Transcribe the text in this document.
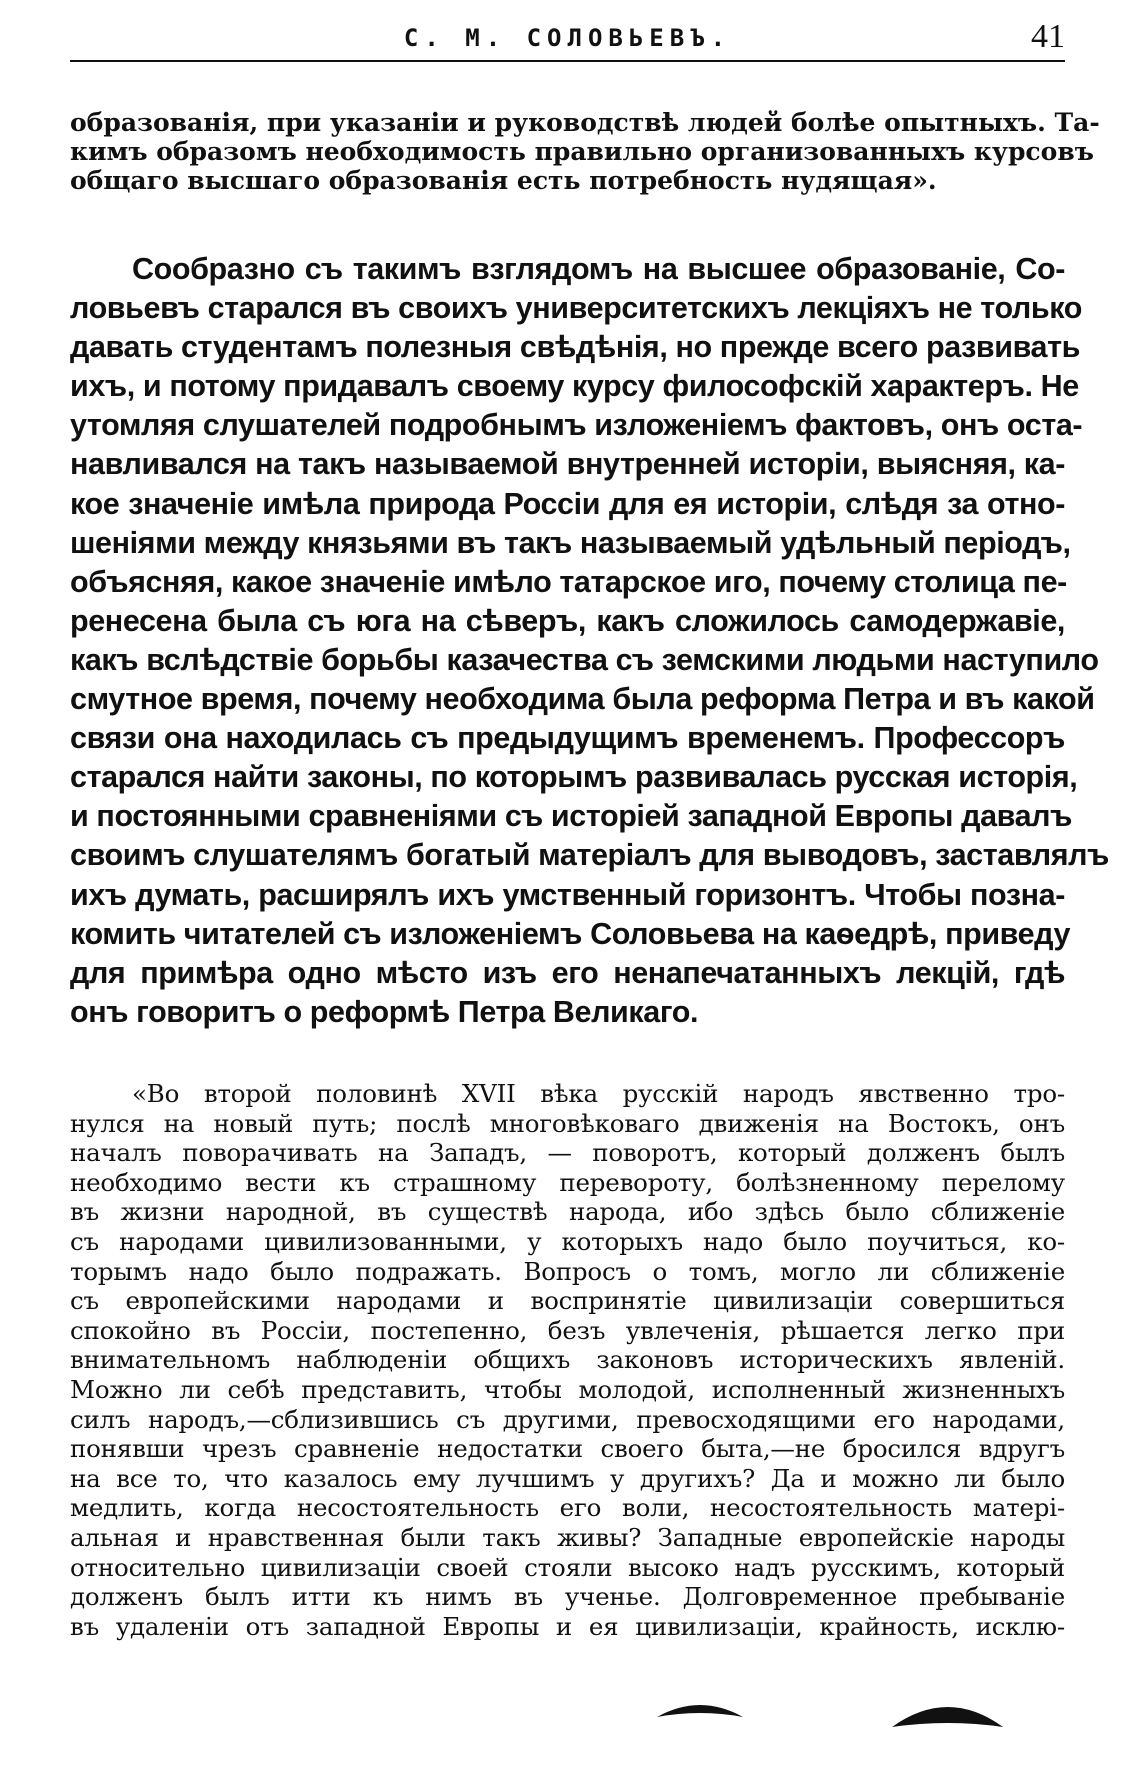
С. М. СОЛОВЬЕВЪ.	41

образованія, при указаніи и руководствѣ людей болѣе опытныхъ. Та-
кимъ образомъ необходимость правильно организованныхъ курсовъ
общаго высшаго образованія есть потребность нудящая».

Сообразно съ такимъ взглядомъ на высшее образованіе, Со-
ловьевъ старался въ своихъ университетскихъ лекціяхъ не только
давать студентамъ полезныя свѣдѣнія, но прежде всего развивать
ихъ, и потому придавалъ своему курсу философскій характеръ. Не
утомляя слушателей подробнымъ изложеніемъ фактовъ, онъ оста-
навливался на такъ называемой внутренней исторіи, выясняя, ка-
кое значеніе имѣла природа Россіи для ея исторіи, слѣдя за отно-
шеніями между князьями въ такъ называемый удѣльный періодъ,
объясняя, какое значеніе имѣло татарское иго, почему столица пе-
ренесена была съ юга на сѣверъ, какъ сложилось самодержавіе,
какъ вслѣдствіе борьбы казачества съ земскими людьми наступило
смутное время, почему необходима была реформа Петра и въ какой
связи она находилась съ предыдущимъ временемъ. Профессоръ
старался найти законы, по которымъ развивалась русская исторія,
и постоянными сравненіями съ исторіей западной Европы давалъ
своимъ слушателямъ богатый матеріалъ для выводовъ, заставлялъ
ихъ думать, расширялъ ихъ умственный горизонтъ. Чтобы позна-
комить читателей съ изложеніемъ Соловьева на каѳедрѣ, приведу
для примѣра одно мѣсто изъ его ненапечатанныхъ лекцій, гдѣ
онъ говоритъ о реформѣ Петра Великаго.

«Во второй половинѣ XVII вѣка русскій народъ явственно тро-
нулся на новый путь; послѣ многовѣковаго движенія на Востокъ, онъ
началъ поворачивать на Западъ, — поворотъ, который долженъ былъ
необходимо вести къ страшному перевороту, болѣзненному перелому
въ жизни народной, въ существѣ народа, ибо здѣсь было сближеніе
съ народами цивилизованными, у которыхъ надо было поучиться, ко-
торымъ надо было подражать. Вопросъ о томъ, могло ли сближеніе
съ европейскими народами и воспринятіе цивилизаціи совершиться
спокойно въ Россіи, постепенно, безъ увлеченія, рѣшается легко при
внимательномъ наблюденіи общихъ законовъ историческихъ явленій.
Можно ли себѣ представить, чтобы молодой, исполненный жизненныхъ
силъ народъ,—сблизившись съ другими, превосходящими его народами,
понявши чрезъ сравненіе недостатки своего быта,—не бросился вдругъ
на все то, что казалось ему лучшимъ у другихъ? Да и можно ли было
медлить, когда несостоятельность его воли, несостоятельность матері-
альная и нравственная были такъ живы? Западные европейскіе народы
относительно цивилизаціи своей стояли высоко надъ русскимъ, который
долженъ былъ итти къ нимъ въ ученье. Долговременное пребываніе
въ удаленіи отъ западной Европы и ея цивилизаціи, крайность, исклю-
